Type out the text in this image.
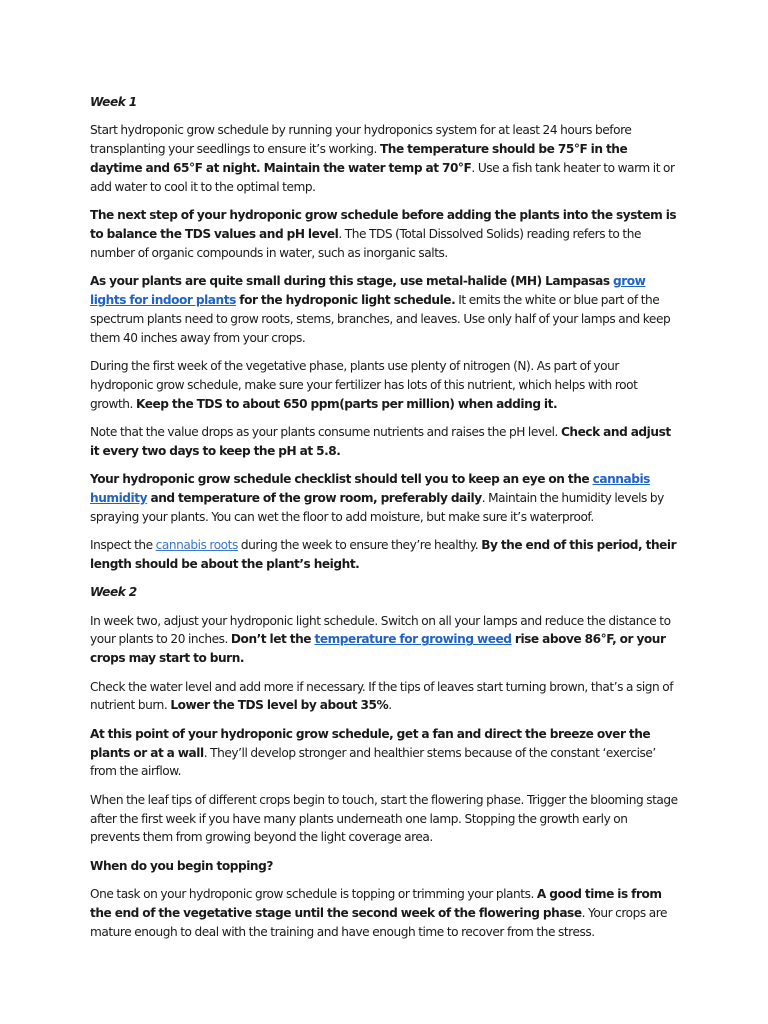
Week 1

Start hydroponic grow schedule by running your hydroponics system for at least 24 hours before transplanting your seedlings to ensure it’s working. The temperature should be 75°F in the daytime and 65°F at night. Maintain the water temp at 70°F. Use a fish tank heater to warm it or add water to cool it to the optimal temp.

The next step of your hydroponic grow schedule before adding the plants into the system is to balance the TDS values and pH level. The TDS (Total Dissolved Solids) reading refers to the number of organic compounds in water, such as inorganic salts.

As your plants are quite small during this stage, use metal-halide (MH) Lampasas grow lights for indoor plants for the hydroponic light schedule. It emits the white or blue part of the spectrum plants need to grow roots, stems, branches, and leaves. Use only half of your lamps and keep them 40 inches away from your crops.

During the first week of the vegetative phase, plants use plenty of nitrogen (N). As part of your hydroponic grow schedule, make sure your fertilizer has lots of this nutrient, which helps with root growth. Keep the TDS to about 650 ppm(parts per million) when adding it.

Note that the value drops as your plants consume nutrients and raises the pH level. Check and adjust it every two days to keep the pH at 5.8.

Your hydroponic grow schedule checklist should tell you to keep an eye on the cannabis humidity and temperature of the grow room, preferably daily. Maintain the humidity levels by spraying your plants. You can wet the floor to add moisture, but make sure it’s waterproof.

Inspect the cannabis roots during the week to ensure they’re healthy. By the end of this period, their length should be about the plant’s height.

Week 2

In week two, adjust your hydroponic light schedule. Switch on all your lamps and reduce the distance to your plants to 20 inches. Don’t let the temperature for growing weed rise above 86°F, or your crops may start to burn.

Check the water level and add more if necessary. If the tips of leaves start turning brown, that’s a sign of nutrient burn. Lower the TDS level by about 35%.

At this point of your hydroponic grow schedule, get a fan and direct the breeze over the plants or at a wall. They’ll develop stronger and healthier stems because of the constant ‘exercise’ from the airflow.

When the leaf tips of different crops begin to touch, start the flowering phase. Trigger the blooming stage after the first week if you have many plants underneath one lamp. Stopping the growth early on prevents them from growing beyond the light coverage area.

When do you begin topping?

One task on your hydroponic grow schedule is topping or trimming your plants. A good time is from the end of the vegetative stage until the second week of the flowering phase. Your crops are mature enough to deal with the training and have enough time to recover from the stress.
